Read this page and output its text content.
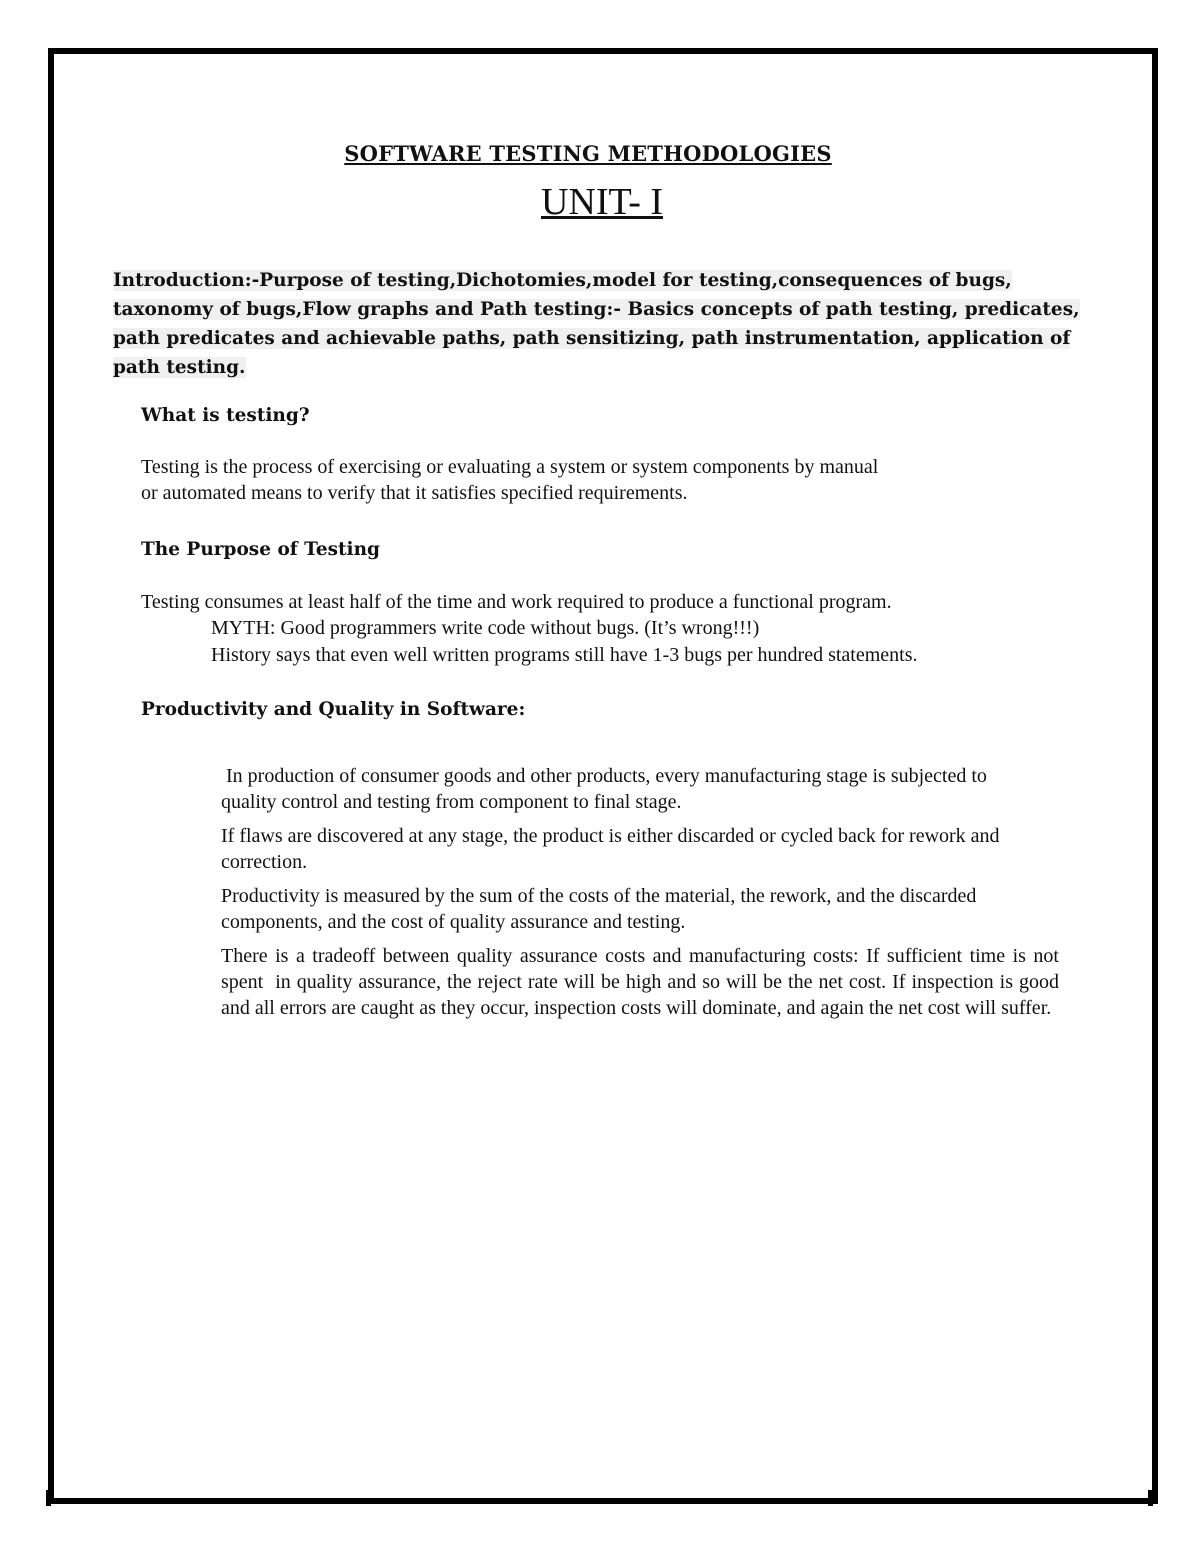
SOFTWARE TESTING METHODOLOGIES
UNIT- I

Introduction:-Purpose of testing,Dichotomies,model for testing,consequences of bugs, taxonomy of bugs,Flow graphs and Path testing:- Basics concepts of path testing, predicates, path predicates and achievable paths, path sensitizing, path instrumentation, application of path testing.

What is testing?

Testing is the process of exercising or evaluating a system or system components by manual

or automated means to verify that it satisfies specified requirements.

The Purpose of Testing

Testing consumes at least half of the time and work required to produce a functional program.

MYTH: Good programmers write code without bugs. (It’s wrong!!!)

History says that even well written programs still have 1-3 bugs per hundred statements.

Productivity and Quality in Software:

In production of consumer goods and other products, every manufacturing stage is subjected to quality control and testing from component to final stage.

If flaws are discovered at any stage, the product is either discarded or cycled back for rework and correction.

Productivity is measured by the sum of the costs of the material, the rework, and the discarded components, and the cost of quality assurance and testing.

There is a tradeoff between quality assurance costs and manufacturing costs: If sufficient time is not spent  in quality assurance, the reject rate will be high and so will be the net cost. If inspection is good and all errors are caught as they occur, inspection costs will dominate, and again the net cost will suffer.
